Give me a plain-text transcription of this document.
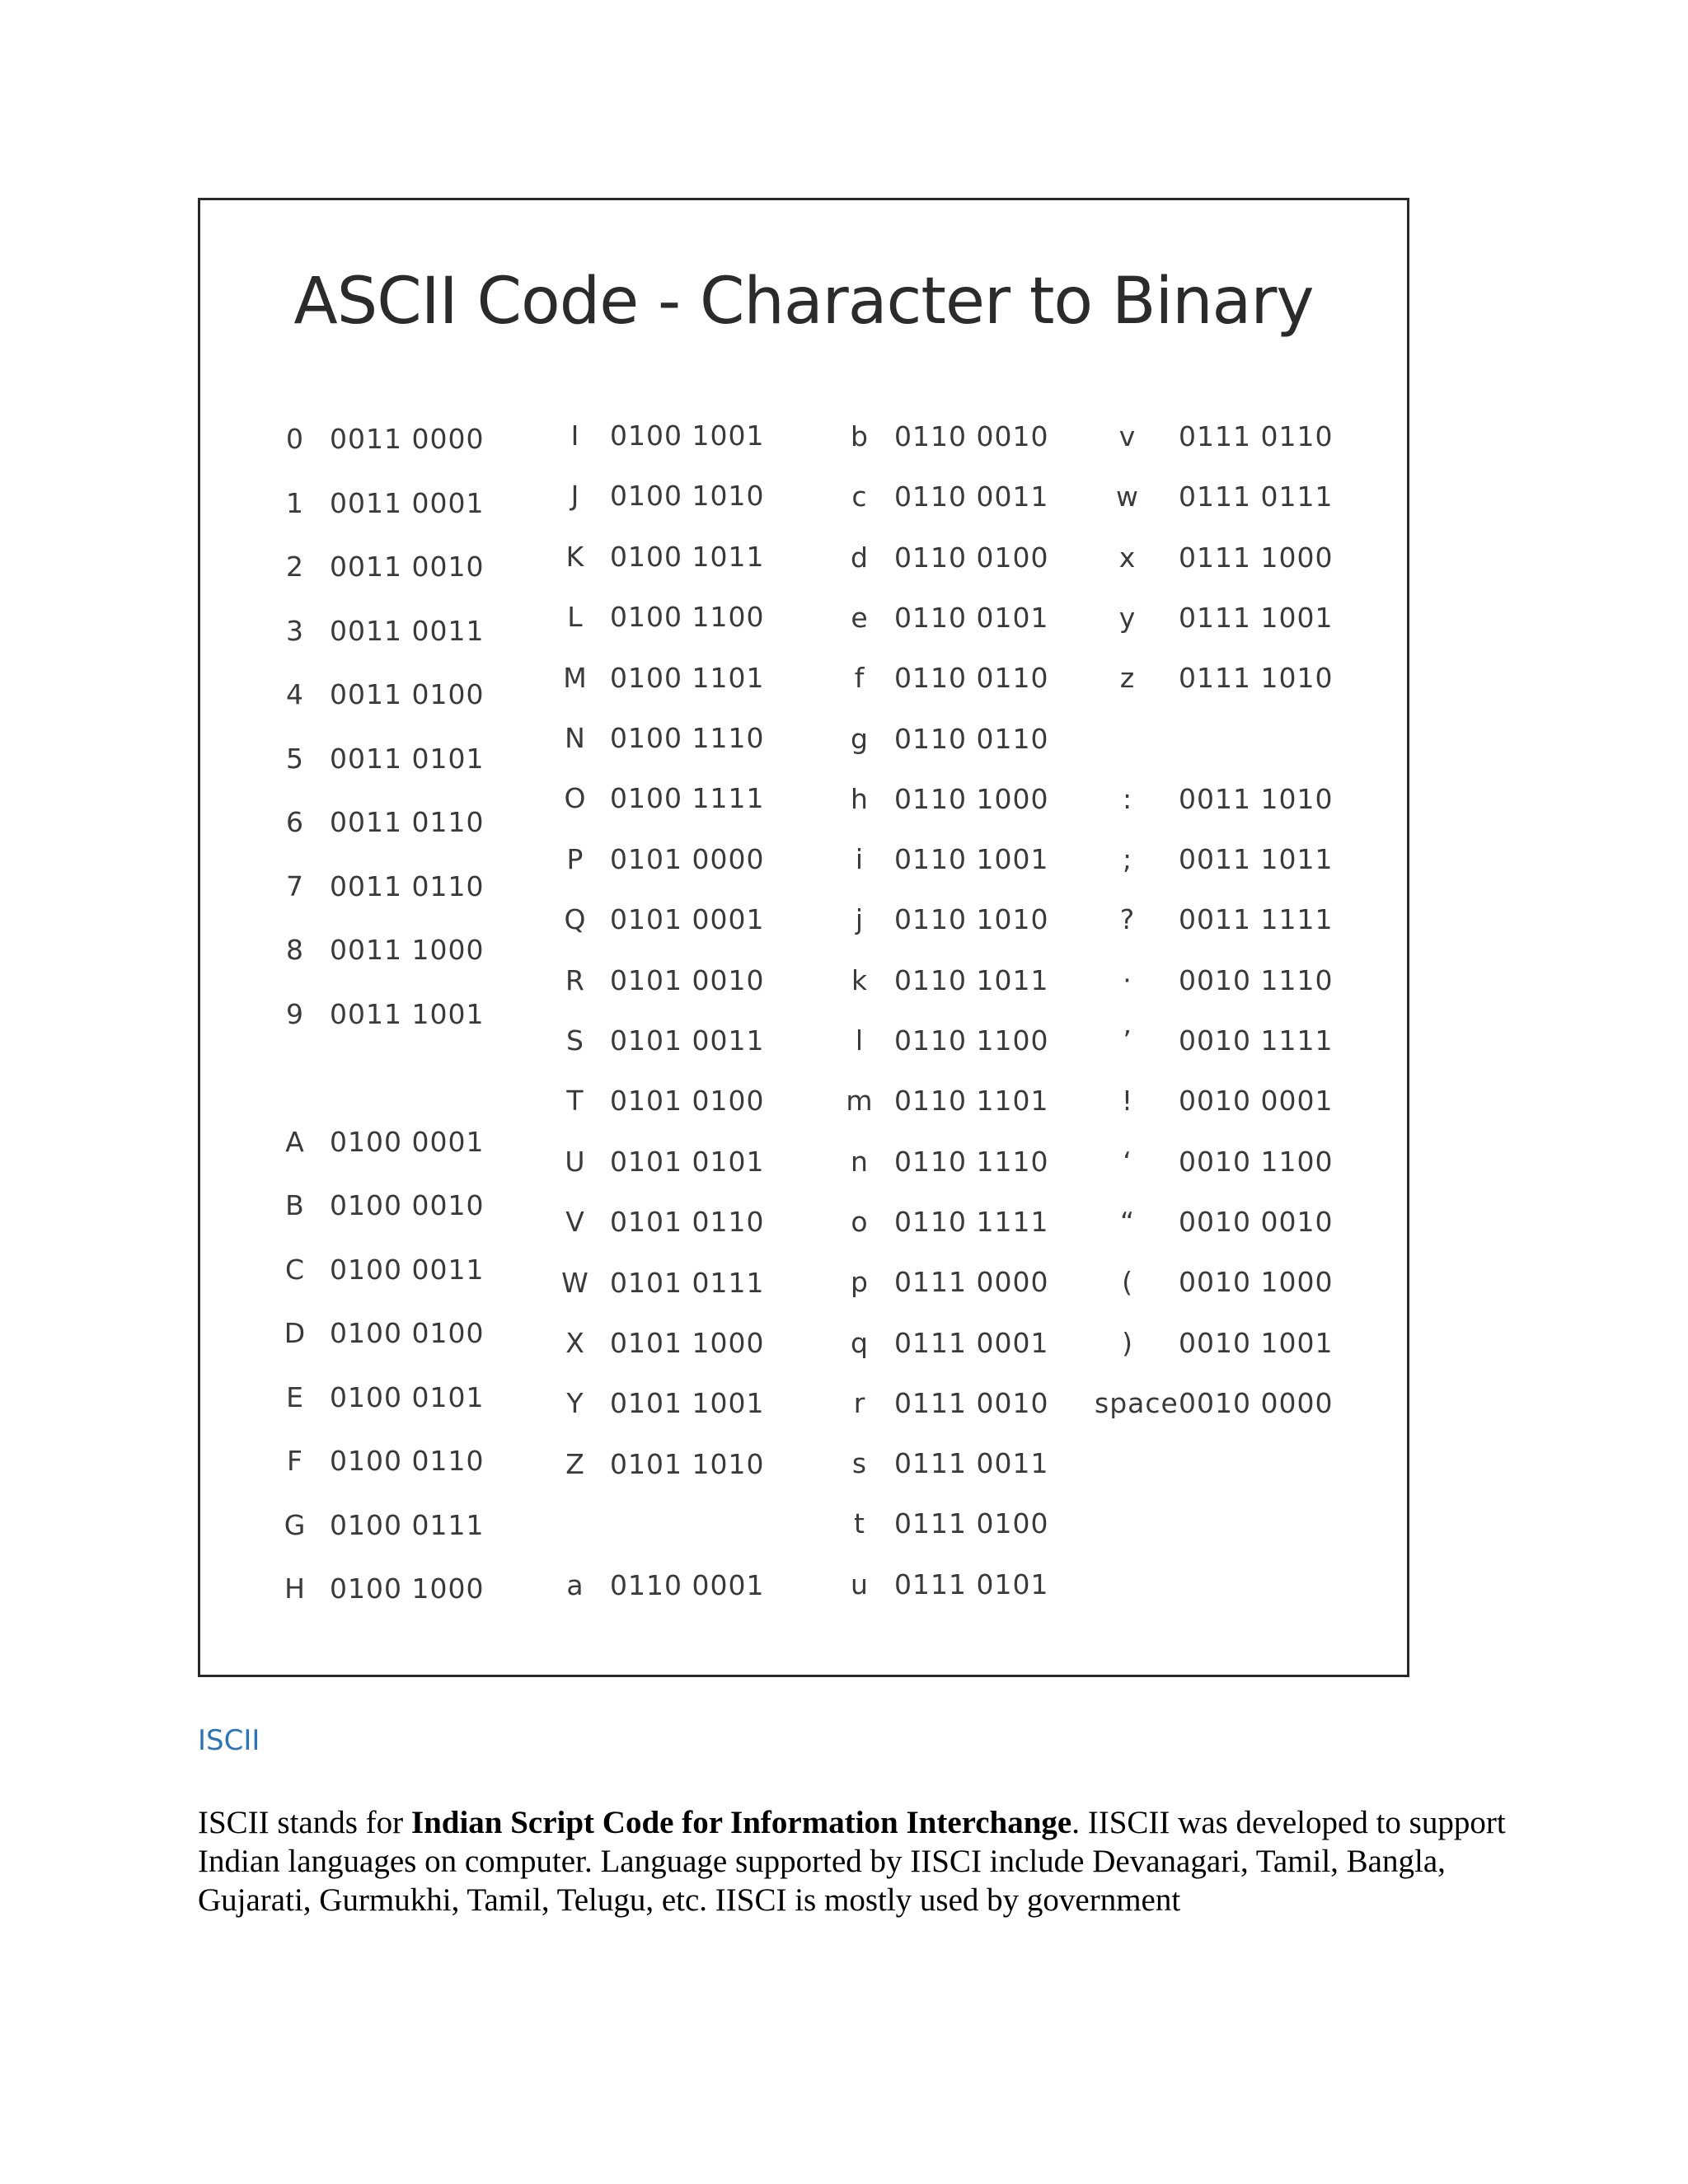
ASCII Code - Character to Binary
0 0011 0000
1 0011 0001
2 0011 0010
3 0011 0011
4 0011 0100
5 0011 0101
6 0011 0110
7 0011 0110
8 0011 1000
9 0011 1001
A 0100 0001
B 0100 0010
C 0100 0011
D 0100 0100
E 0100 0101
F 0100 0110
G 0100 0111
H 0100 1000
I 0100 1001
J 0100 1010
K 0100 1011
L 0100 1100
M 0100 1101
N 0100 1110
O 0100 1111
P 0101 0000
Q 0101 0001
R 0101 0010
S 0101 0011
T 0101 0100
U 0101 0101
V 0101 0110
W 0101 0111
X 0101 1000
Y 0101 1001
Z 0101 1010
a 0110 0001
b 0110 0010
c 0110 0011
d 0110 0100
e 0110 0101
f 0110 0110
g 0110 0110
h 0110 1000
i 0110 1001
j 0110 1010
k 0110 1011
l 0110 1100
m 0110 1101
n 0110 1110
o 0110 1111
p 0111 0000
q 0111 0001
r 0111 0010
s 0111 0011
t 0111 0100
u 0111 0101
v 0111 0110
w 0111 0111
x 0111 1000
y 0111 1001
z 0111 1010
: 0011 1010
; 0011 1011
? 0011 1111
· 0010 1110
ʼ 0010 1111
! 0010 0001
ʻ 0010 1100
“ 0010 0010
( 0010 1000
) 0010 1001
space0010 0000
ISCII
ISCII stands for Indian Script Code for Information Interchange. IISCII was developed to support Indian languages on computer. Language supported by IISCI include Devanagari, Tamil, Bangla, Gujarati, Gurmukhi, Tamil, Telugu, etc. IISCI is mostly used by government
